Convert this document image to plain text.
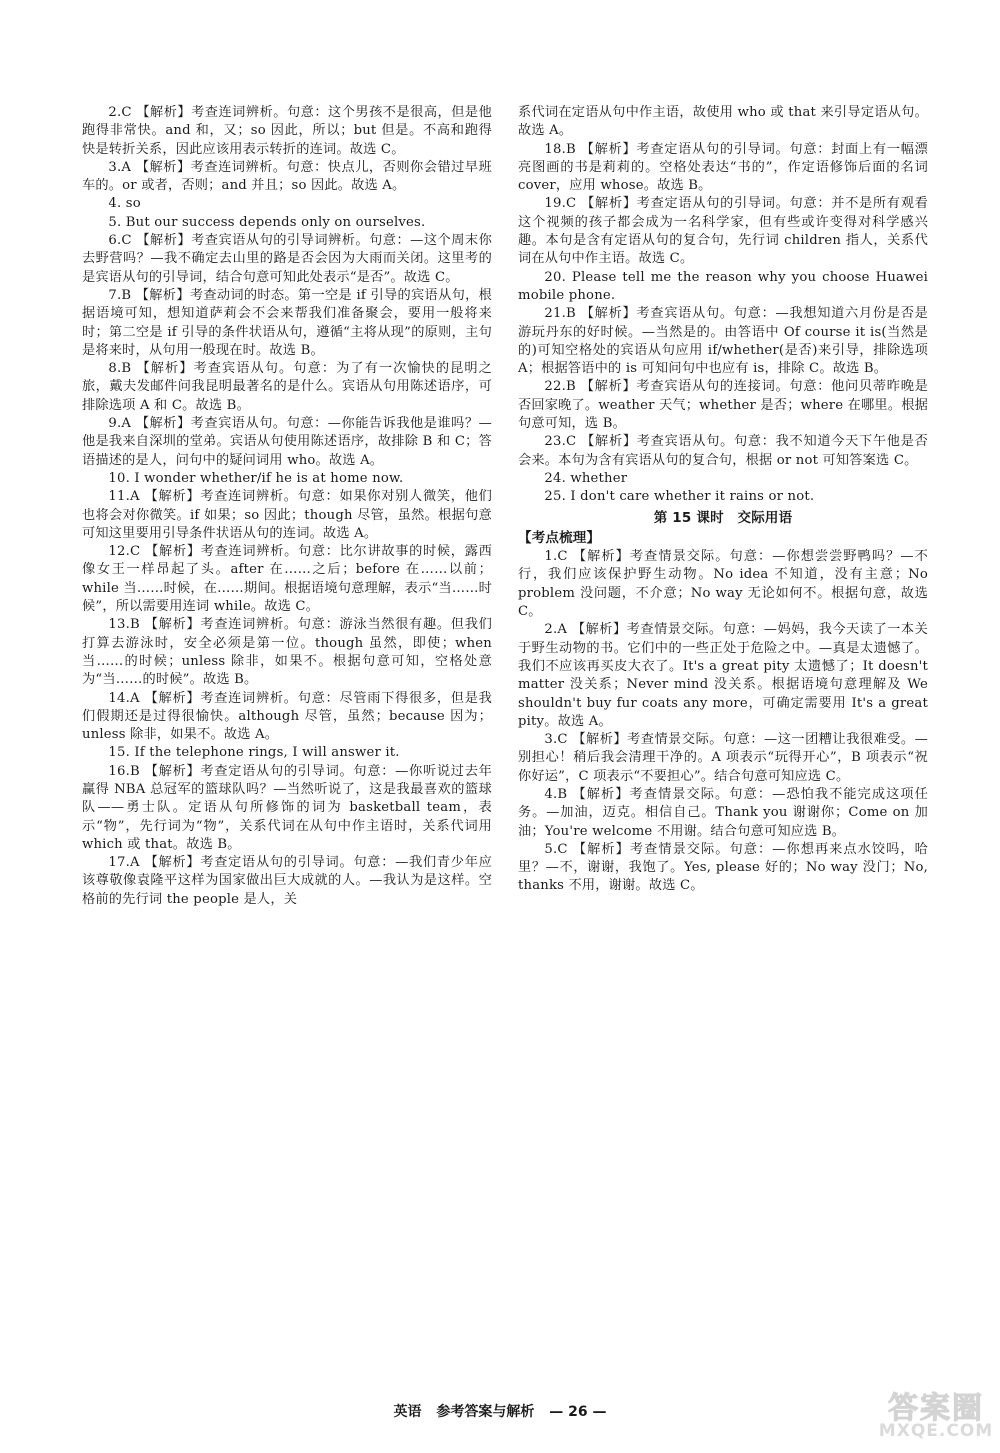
2.C 【解析】考查连词辨析。句意：这个男孩不是很高，但是他跑得非常快。and 和，又；so 因此，所以；but 但是。不高和跑得快是转折关系，因此应该用表示转折的连词。故选 C。

3.A 【解析】考查连词辨析。句意：快点儿，否则你会错过早班车的。or 或者，否则；and 并且；so 因此。故选 A。

4. so

5. But our success depends only on ourselves.

6.C 【解析】考查宾语从句的引导词辨析。句意：—这个周末你去野营吗？—我不确定去山里的路是否会因为大雨而关闭。这里考的是宾语从句的引导词，结合句意可知此处表示“是否”。故选 C。

7.B 【解析】考查动词的时态。第一空是 if 引导的宾语从句，根据语境可知，想知道萨莉会不会来帮我们准备聚会，要用一般将来时；第二空是 if 引导的条件状语从句，遵循“主将从现”的原则，主句是将来时，从句用一般现在时。故选 B。

8.B 【解析】考查宾语从句。句意：为了有一次愉快的昆明之旅，戴夫发邮件问我昆明最著名的是什么。宾语从句用陈述语序，可排除选项 A 和 C。故选 B。

9.A 【解析】考查宾语从句。句意：—你能告诉我他是谁吗？—他是我来自深圳的堂弟。宾语从句使用陈述语序，故排除 B 和 C；答语描述的是人，问句中的疑问词用 who。故选 A。

10. I wonder whether/if he is at home now.

11.A 【解析】考查连词辨析。句意：如果你对别人微笑，他们也将会对你微笑。if 如果；so 因此；though 尽管，虽然。根据句意可知这里要用引导条件状语从句的连词。故选 A。

12.C 【解析】考查连词辨析。句意：比尔讲故事的时候，露西像女王一样昂起了头。after 在……之后；before 在……以前；while 当……时候，在……期间。根据语境句意理解，表示“当……时候”，所以需要用连词 while。故选 C。

13.B 【解析】考查连词辨析。句意：游泳当然很有趣。但我们打算去游泳时，安全必须是第一位。though 虽然，即使；when 当……的时候；unless 除非，如果不。根据句意可知，空格处意为“当……的时候”。故选 B。

14.A 【解析】考查连词辨析。句意：尽管雨下得很多，但是我们假期还是过得很愉快。although 尽管，虽然；because 因为；unless 除非，如果不。故选 A。

15. If the telephone rings, I will answer it.

16.B 【解析】考查定语从句的引导词。句意：—你听说过去年赢得 NBA 总冠军的篮球队吗？—当然听说了，这是我最喜欢的篮球队——勇士队。定语从句所修饰的词为 basketball team，表示“物”，先行词为“物”，关系代词在从句中作主语时，关系代词用 which 或 that。故选 B。

17.A 【解析】考查定语从句的引导词。句意：—我们青少年应该尊敬像袁隆平这样为国家做出巨大成就的人。—我认为是这样。空格前的先行词 the people 是人，关

系代词在定语从句中作主语，故使用 who 或 that 来引导定语从句。故选 A。

18.B 【解析】考查定语从句的引导词。句意：封面上有一幅漂亮图画的书是莉莉的。空格处表达“书的”，作定语修饰后面的名词 cover，应用 whose。故选 B。

19.C 【解析】考查定语从句的引导词。句意：并不是所有观看这个视频的孩子都会成为一名科学家，但有些或许变得对科学感兴趣。本句是含有定语从句的复合句，先行词 children 指人，关系代词在从句中作主语。故选 C。

20. Please tell me the reason why you choose Huawei mobile phone.

21.B 【解析】考查宾语从句。句意：—我想知道六月份是否是游玩丹东的好时候。—当然是的。由答语中 Of course it is(当然是的)可知空格处的宾语从句应用 if/whether(是否)来引导，排除选项 A；根据答语中的 is 可知问句中也应有 is，排除 C。故选 B。

22.B 【解析】考查宾语从句的连接词。句意：他问贝蒂昨晚是否回家晚了。weather 天气；whether 是否；where 在哪里。根据句意可知，选 B。

23.C 【解析】考查宾语从句。句意：我不知道今天下午他是否会来。本句为含有宾语从句的复合句，根据 or not 可知答案选 C。

24. whether

25. I don't care whether it rains or not.

第 15 课时　交际用语
【考点梳理】

1.C 【解析】考查情景交际。句意：—你想尝尝野鸭吗？—不行，我们应该保护野生动物。No idea 不知道，没有主意；No problem 没问题，不介意；No way 无论如何不。根据句意，故选 C。

2.A 【解析】考查情景交际。句意：—妈妈，我今天读了一本关于野生动物的书。它们中的一些正处于危险之中。—真是太遗憾了。我们不应该再买皮大衣了。It's a great pity 太遗憾了；It doesn't matter 没关系；Never mind 没关系。根据语境句意理解及 We shouldn't buy fur coats any more，可确定需要用 It's a great pity。故选 A。

3.C 【解析】考查情景交际。句意：—这一团糟让我很难受。—别担心！稍后我会清理干净的。A 项表示“玩得开心”，B 项表示“祝你好运”，C 项表示“不要担心”。结合句意可知应选 C。

4.B 【解析】考查情景交际。句意：—恐怕我不能完成这项任务。—加油，迈克。相信自己。Thank you 谢谢你；Come on 加油；You're welcome 不用谢。结合句意可知应选 B。

5.C 【解析】考查情景交际。句意：—你想再来点水饺吗，哈里？—不，谢谢，我饱了。Yes, please 好的；No way 没门；No, thanks 不用，谢谢。故选 C。

英语 参考答案与解析 — 26 —	答案圈
MXQE.COM
